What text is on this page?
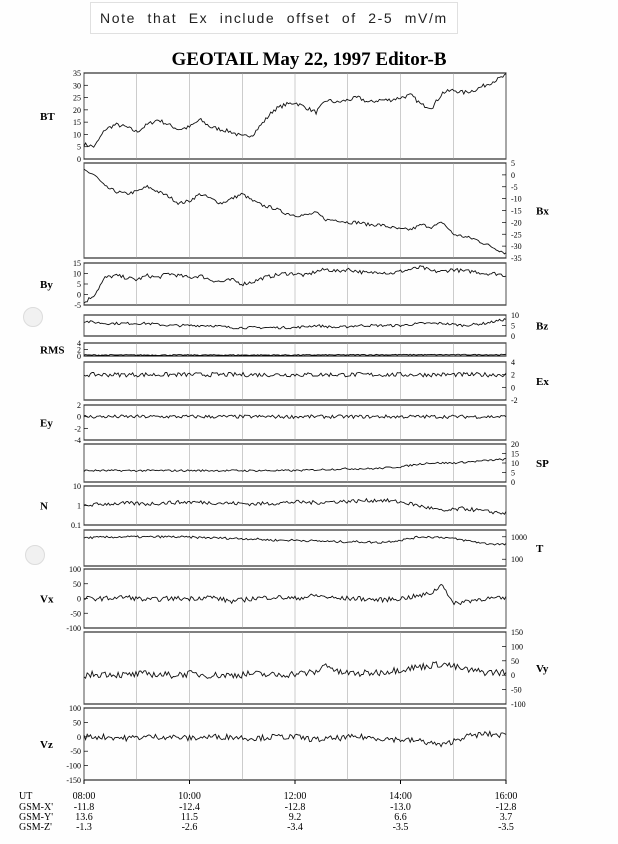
Note that Ex include offset of 2-5 mV/m
GEOTAIL May 22, 1997 Editor-B
0
5
10
15
20
25
30
35
BT
-35
-30
-25
-20
-15
-10
-5
0
5
Bx
-5
0
5
10
15
By
0
5
10
Bz
0
2
4
RMS
-2
0
2
4
Ex
-4
-2
0
2
Ey
0
5
10
15
20
SP
0.1
1
10
N
100
1000
T
-100
-50
0
50
100
Vx
-100
-50
0
50
100
150
Vy
-150
-100
-50
0
50
100
Vz
UT
GSM-X'
GSM-Y'
GSM-Z'
08:00
-11.8
13.6
-1.3
10:00
-12.4
11.5
-2.6
12:00
-12.8
9.2
-3.4
14:00
-13.0
6.6
-3.5
16:00
-12.8
3.7
-3.5
